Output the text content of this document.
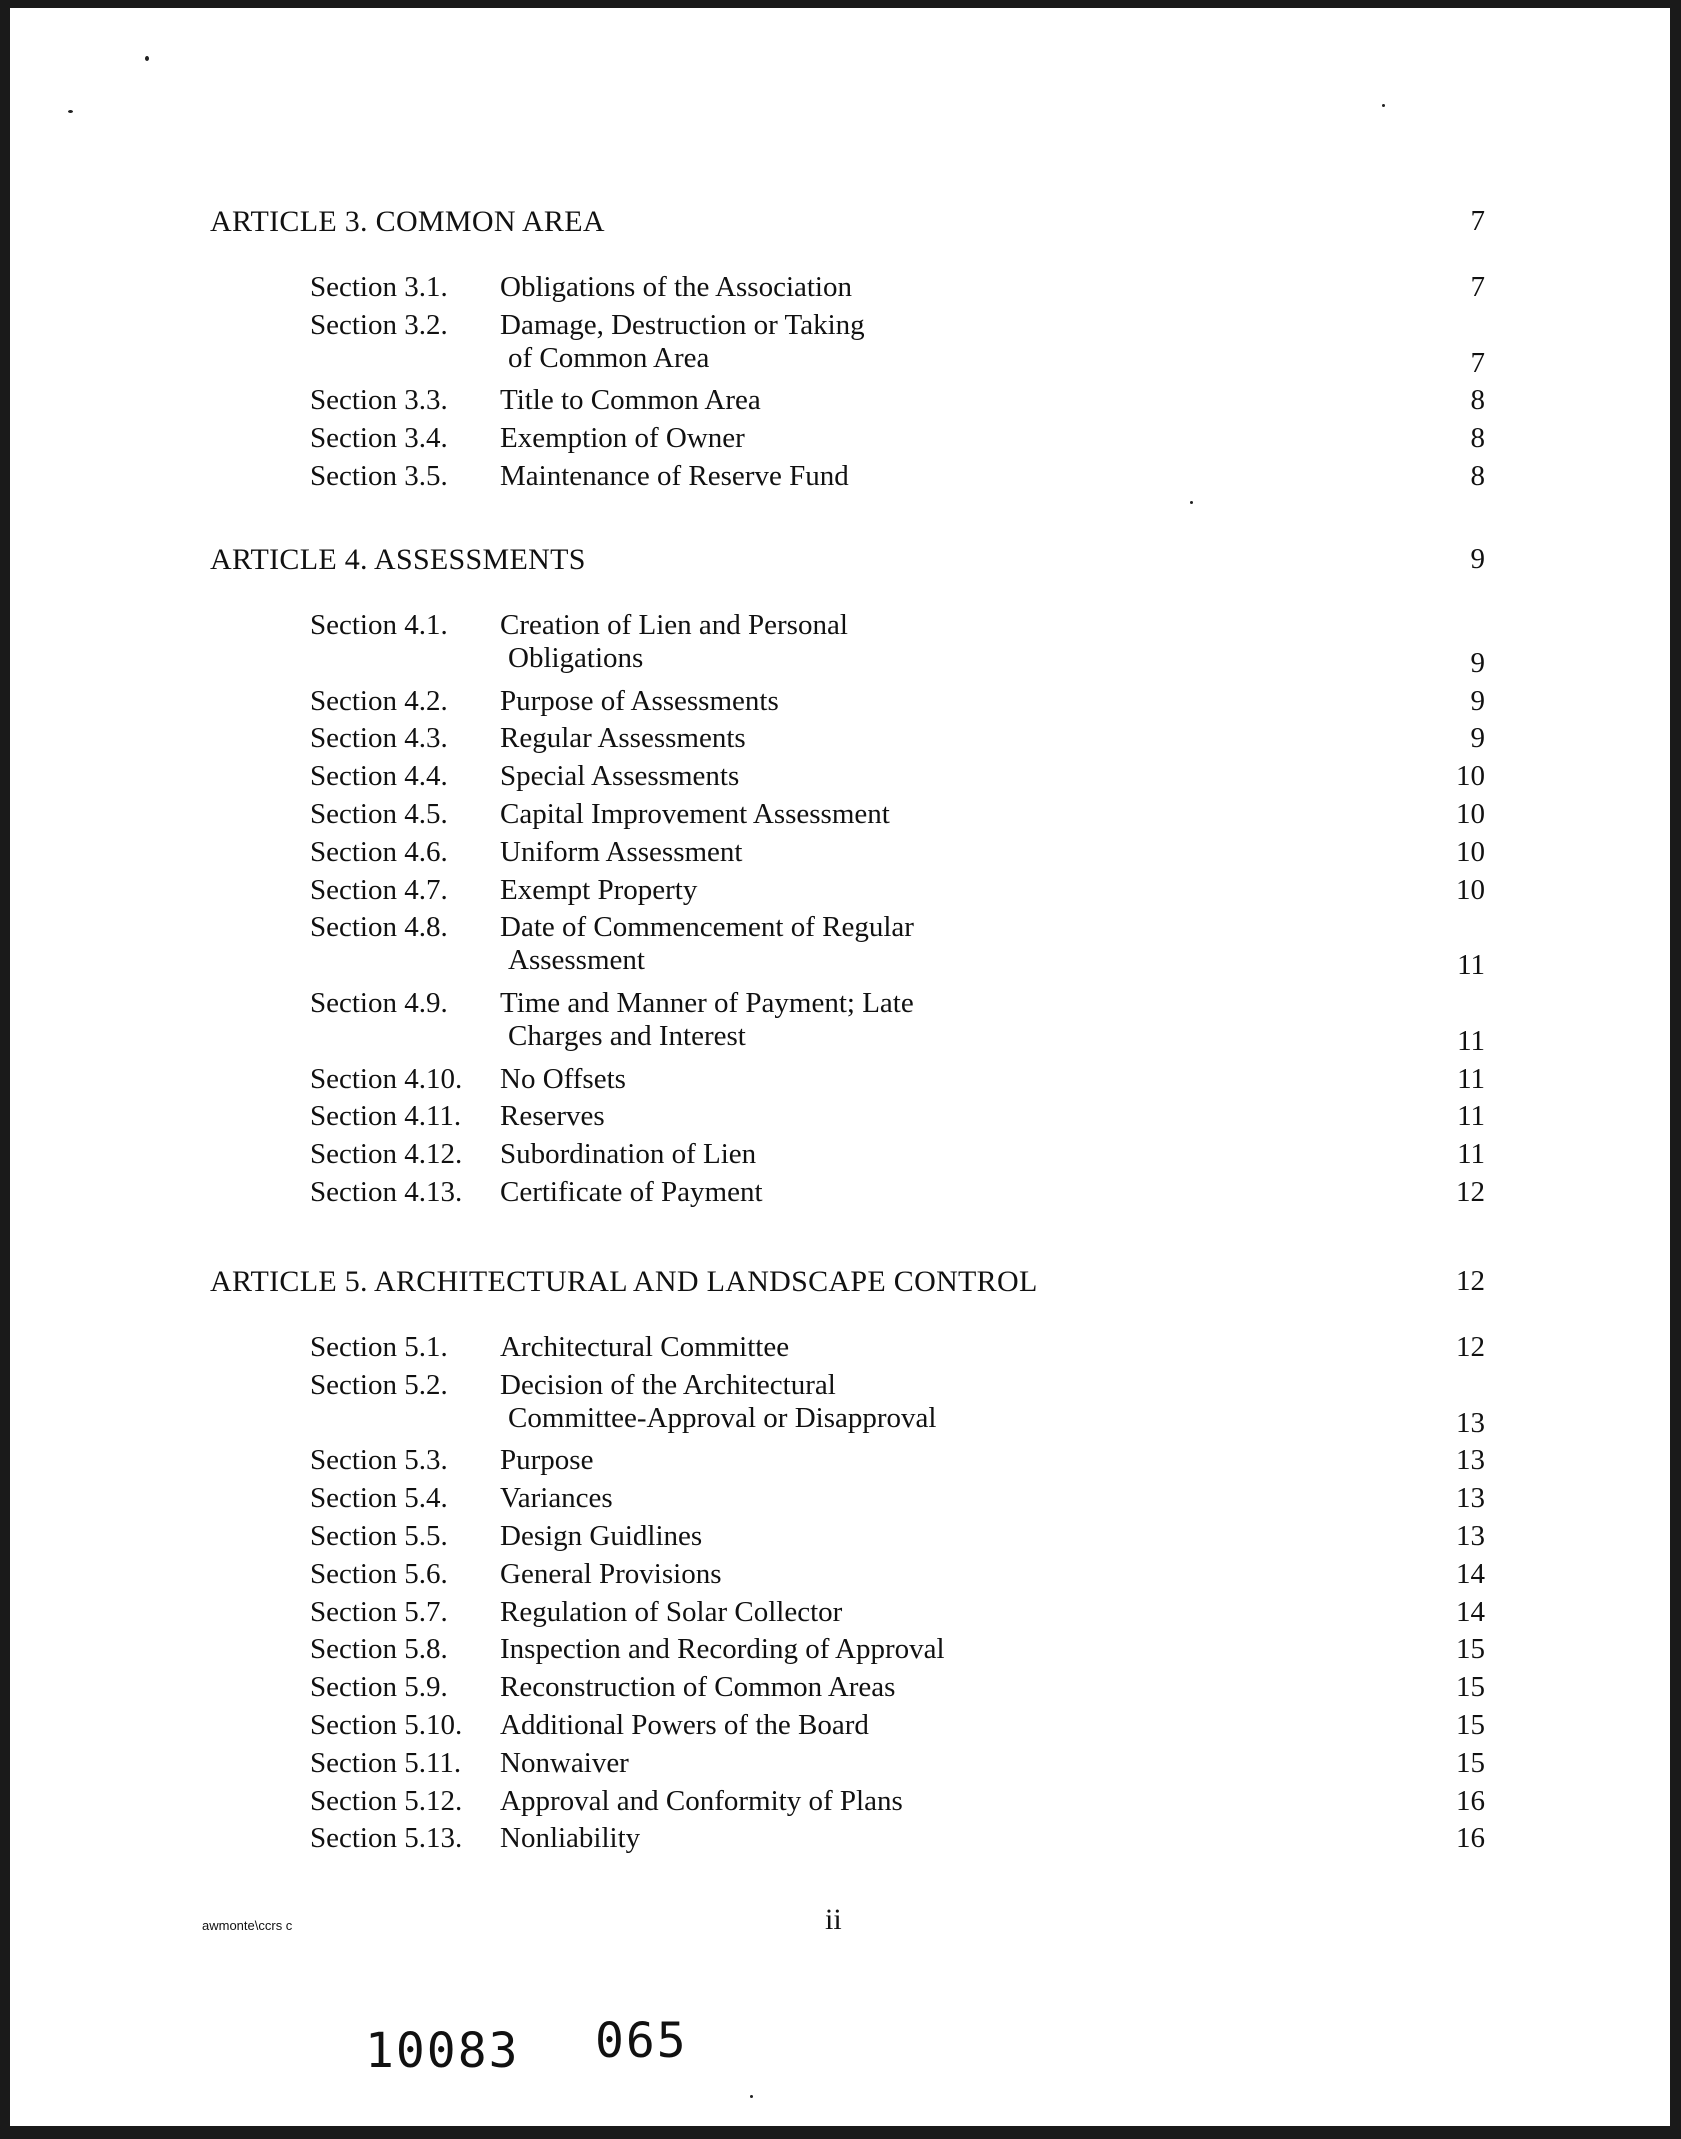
ARTICLE 3. COMMON AREA	7
Section 3.1. Obligations of the Association	7
Section 3.2. Damage, Destruction or Taking
of Common Area	7
Section 3.3. Title to Common Area	8
Section 3.4. Exemption of Owner	8
Section 3.5. Maintenance of Reserve Fund	8
ARTICLE 4. ASSESSMENTS	9
Section 4.1. Creation of Lien and Personal
Obligations	9
Section 4.2. Purpose of Assessments	9
Section 4.3. Regular Assessments	9
Section 4.4. Special Assessments	10
Section 4.5. Capital Improvement Assessment	10
Section 4.6. Uniform Assessment	10
Section 4.7. Exempt Property	10
Section 4.8. Date of Commencement of Regular
Assessment	11
Section 4.9. Time and Manner of Payment; Late
Charges and Interest	11
Section 4.10. No Offsets	11
Section 4.11. Reserves	11
Section 4.12. Subordination of Lien	11
Section 4.13. Certificate of Payment	12
ARTICLE 5. ARCHITECTURAL AND LANDSCAPE CONTROL	12
Section 5.1. Architectural Committee	12
Section 5.2. Decision of the Architectural
Committee-Approval or Disapproval	13
Section 5.3. Purpose	13
Section 5.4. Variances	13
Section 5.5. Design Guidlines	13
Section 5.6. General Provisions	14
Section 5.7. Regulation of Solar Collector	14
Section 5.8. Inspection and Recording of Approval	15
Section 5.9. Reconstruction of Common Areas	15
Section 5.10. Additional Powers of the Board	15
Section 5.11. Nonwaiver	15
Section 5.12. Approval and Conformity of Plans	16
Section 5.13. Nonliability	16
awmonte\ccrs c	ii
10083 065
